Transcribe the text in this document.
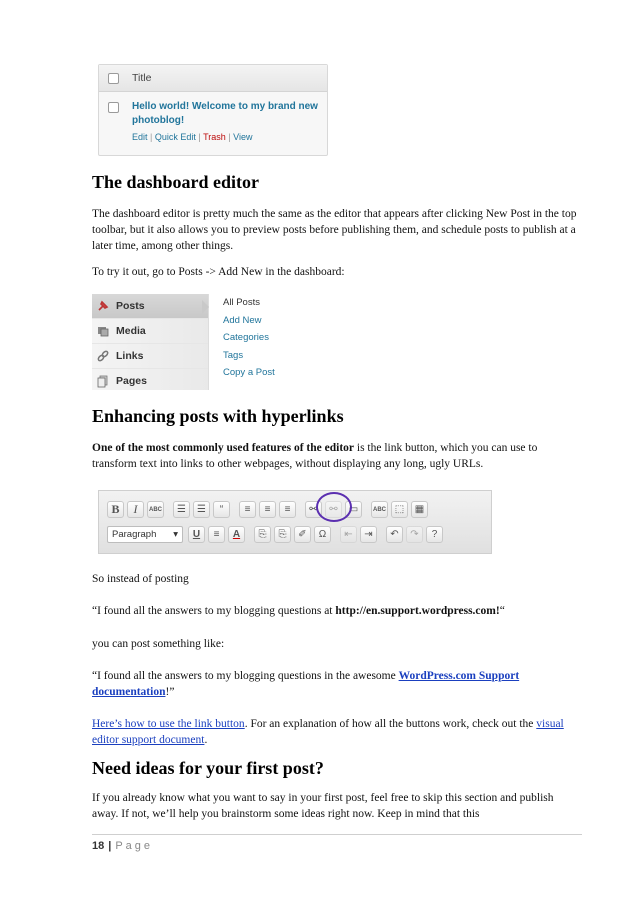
Title
Hello world! Welcome to my brand new photoblog!
Edit | Quick Edit | Trash | View
The dashboard editor

The dashboard editor is pretty much the same as the editor that appears after clicking New Post in the top toolbar, but it also allows you to preview posts before publishing them, and schedule posts to publish at a later time, among other things.

To try it out, go to Posts -> Add New in the dashboard:

Posts
Media
Links
Pages
All Posts
Add New
Categories
Tags
Copy a Post
Enhancing posts with hyperlinks

One of the most commonly used features of the editor is the link button, which you can use to transform text into links to other webpages, without displaying any long, ugly URLs.

B	I	ABC	☰	☰	“	≡	≡	≡	⚯	⚯	▭	ABC ⬚	▦
Paragraph ▾	U	≡	A	⎘	⎘	✐	Ω	⇤	⇥	↶	↷	?

So instead of posting

“I found all the answers to my blogging questions at http://en.support.wordpress.com!“

you can post something like:

“I found all the answers to my blogging questions in the awesome WordPress.com Support documentation!”

Here’s how to use the link button. For an explanation of how all the buttons work, check out the visual editor support document.

Need ideas for your first post?

If you already know what you want to say in your first post, feel free to skip this section and publish away. If not, we’ll help you brainstorm some ideas right now. Keep in mind that this

18 | Page
